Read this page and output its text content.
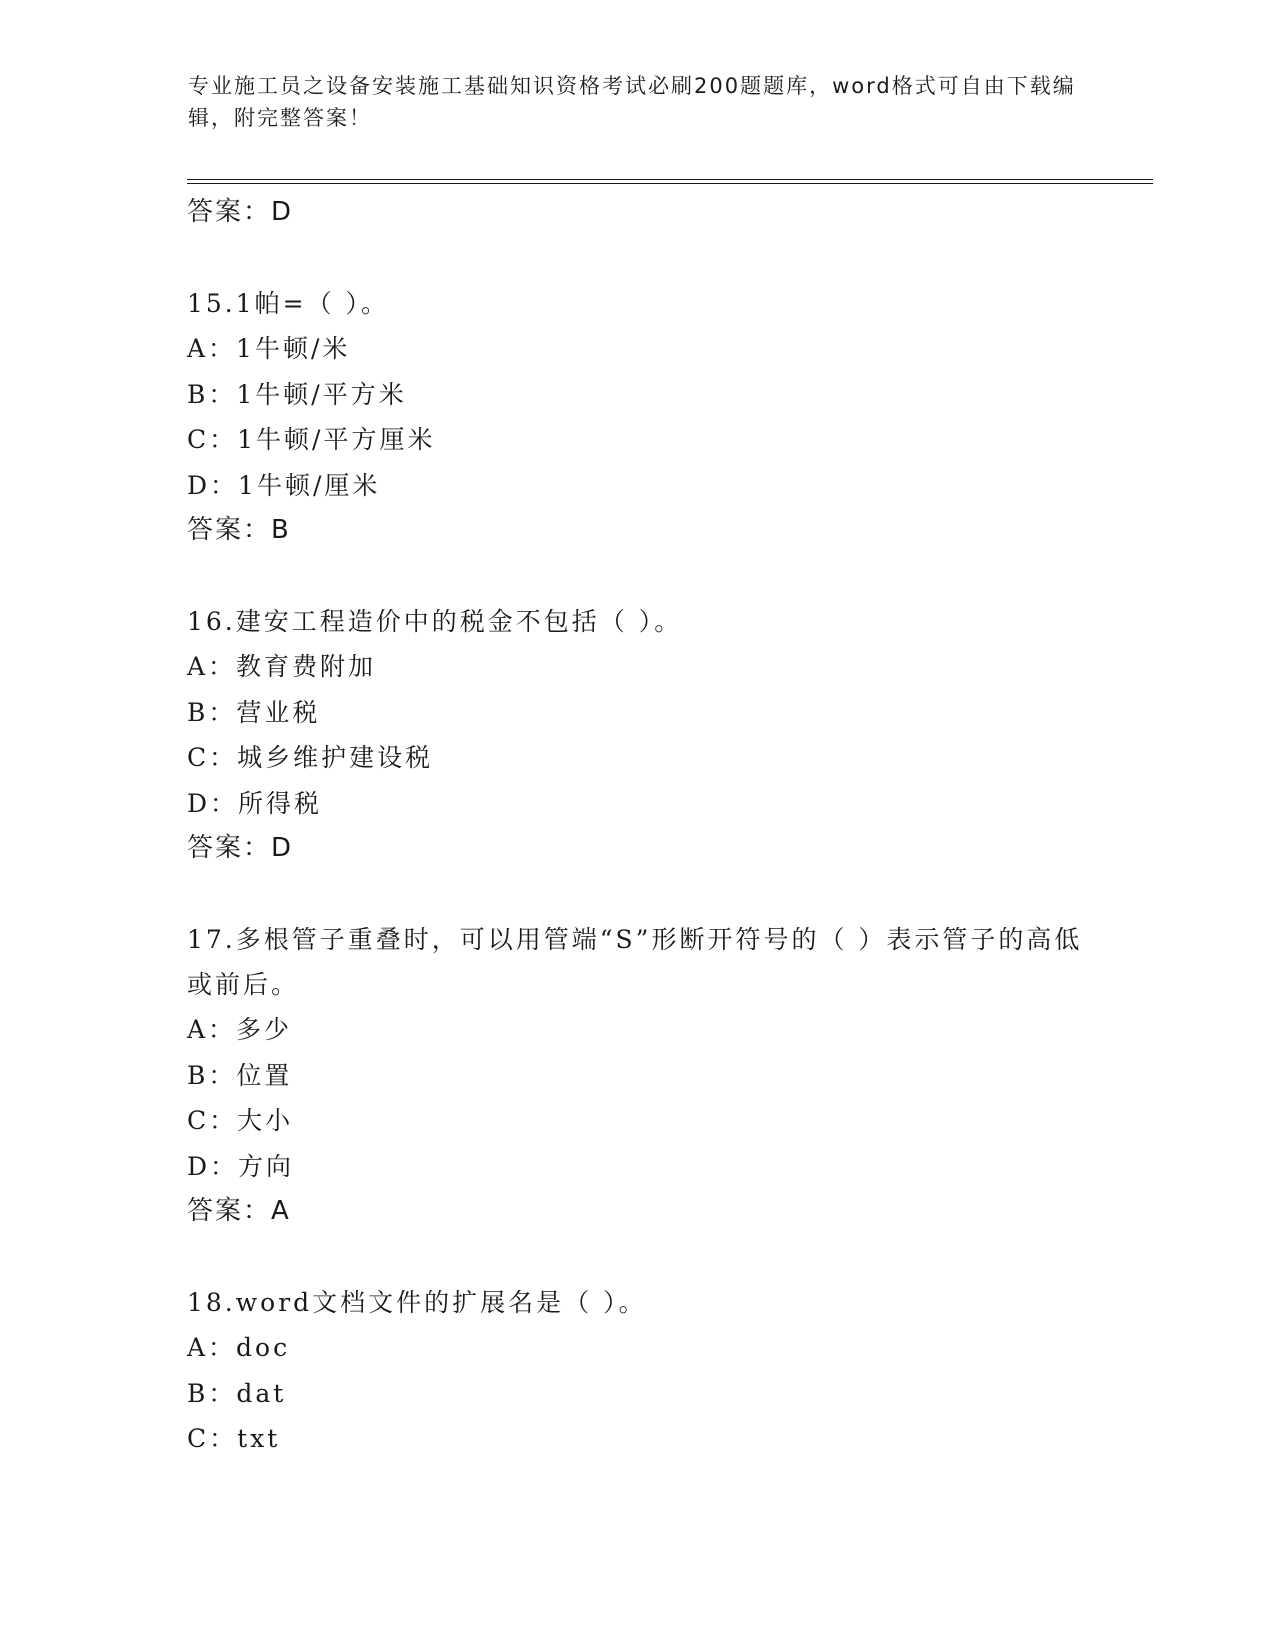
专业施工员之设备安装施工基础知识资格考试必刷200题题库，word格式可自由下载编辑，附完整答案！
答案：D
15.1帕=（ ）。
A：1牛顿/米
B：1牛顿/平方米
C：1牛顿/平方厘米
D：1牛顿/厘米
答案：B
16.建安工程造价中的税金不包括（ ）。
A：教育费附加
B：营业税
C：城乡维护建设税
D：所得税
答案：D
17.多根管子重叠时，可以用管端“S”形断开符号的（ ）表示管子的高低或前后。
A：多少
B：位置
C：大小
D：方向
答案：A
18.word文档文件的扩展名是（ ）。
A：doc
B：dat
C：txt
